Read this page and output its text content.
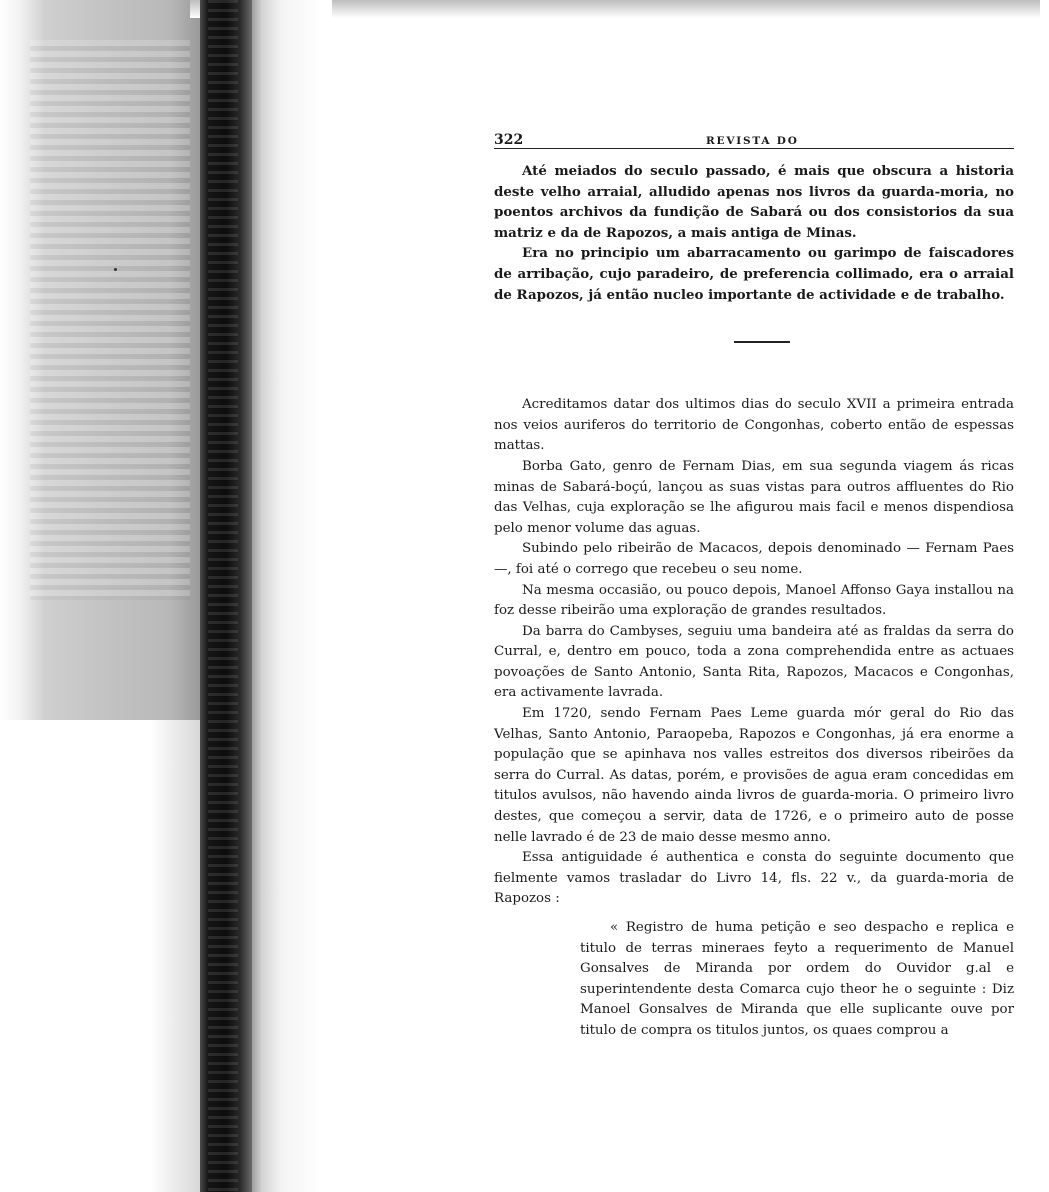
322	REVISTA DO

Até meiados do seculo passado, é mais que obscura a historia deste velho arraial, alludido apenas nos livros da guarda-moria, no poentos archivos da fundição de Sabará ou dos consistorios da sua matriz e da de Rapozos, a mais antiga de Minas.

Era no principio um abarracamento ou garimpo de faiscadores de arribação, cujo paradeiro, de preferencia collimado, era o arraial de Rapozos, já então nucleo importante de actividade e de trabalho.

Acreditamos datar dos ultimos dias do seculo XVII a primeira entrada nos veios auriferos do territorio de Congonhas, coberto então de espessas mattas.

Borba Gato, genro de Fernam Dias, em sua segunda viagem ás ricas minas de Sabará-boçú, lançou as suas vistas para outros affluentes do Rio das Velhas, cuja exploração se lhe afigurou mais facil e menos dispendiosa pelo menor volume das aguas.

Subindo pelo ribeirão de Macacos, depois denominado — Fernam Paes —, foi até o corrego que recebeu o seu nome.

Na mesma occasião, ou pouco depois, Manoel Affonso Gaya installou na foz desse ribeirão uma exploração de grandes resultados.

Da barra do Cambyses, seguiu uma bandeira até as fraldas da serra do Curral, e, dentro em pouco, toda a zona comprehendida entre as actuaes povoações de Santo Antonio, Santa Rita, Rapozos, Macacos e Congonhas, era activamente lavrada.

Em 1720, sendo Fernam Paes Leme guarda mór geral do Rio das Velhas, Santo Antonio, Paraopeba, Rapozos e Congonhas, já era enorme a população que se apinhava nos valles estreitos dos diversos ribeirões da serra do Curral. As datas, porém, e provisões de agua eram concedidas em titulos avulsos, não havendo ainda livros de guarda-moria. O primeiro livro destes, que começou a servir, data de 1726, e o primeiro auto de posse nelle lavrado é de 23 de maio desse mesmo anno.

Essa antiguidade é authentica e consta do seguinte documento que fielmente vamos trasladar do Livro 14, fls. 22 v., da guarda-moria de Rapozos :

« Registro de huma petição e seo despacho e replica e titulo de terras mineraes feyto a requerimento de Manuel Gonsalves de Miranda por ordem do Ouvidor g.al e superintendente desta Comarca cujo theor he o seguinte : Diz Manoel Gonsalves de Miranda que elle suplicante ouve por titulo de compra os titulos juntos, os quaes comprou a
